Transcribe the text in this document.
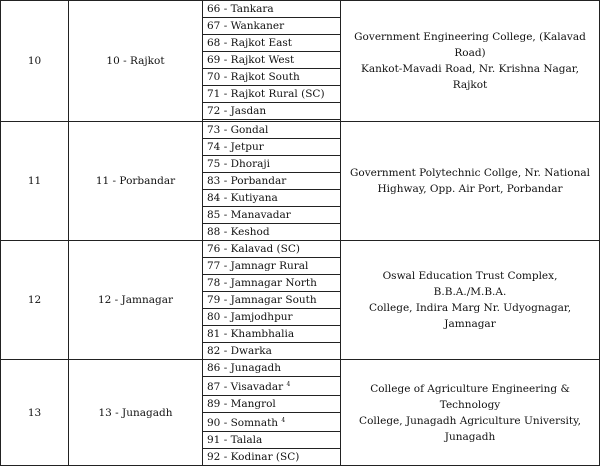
10	10 - Rajkot	66 - Tankara	Government Engineering College, (Kalavad Road)
Kankot-Mavadi Road, Nr. Krishna Nagar, Rajkot

		67 - Wankaner	
		68 - Rajkot East	
		69 - Rajkot West	
		70 - Rajkot South	
		71 - Rajkot Rural (SC)	
		72 - Jasdan	

11	11 - Porbandar	73 - Gondal	Government Polytechnic Collge, Nr. National
Highway, Opp. Air Port, Porbandar

		74 - Jetpur	
		75 - Dhoraji	
		83 - Porbandar	
		84 - Kutiyana	
		85 - Manavadar	
		88 - Keshod	
12	12 - Jamnagar	76 - Kalavad (SC)	Oswal Education Trust Complex, B.B.A./M.B.A.
College, Indira Marg Nr. Udyognagar, Jamnagar

		77 - Jamnagr Rural	
		78 - Jamnagar North	
		79 - Jamnagar South	
		80 - Jamjodhpur	
		81 - Khambhalia	
		82 - Dwarka	
13	13 - Junagadh	86 - Junagadh	College of Agriculture Engineering & Technology
College, Junagadh Agriculture University,
Junagadh

		87 - Visavadar $^4$
		89 - Mangrol	
		90 - Somnath $^4$
		91 - Talala	
		92 - Kodinar (SC)	
